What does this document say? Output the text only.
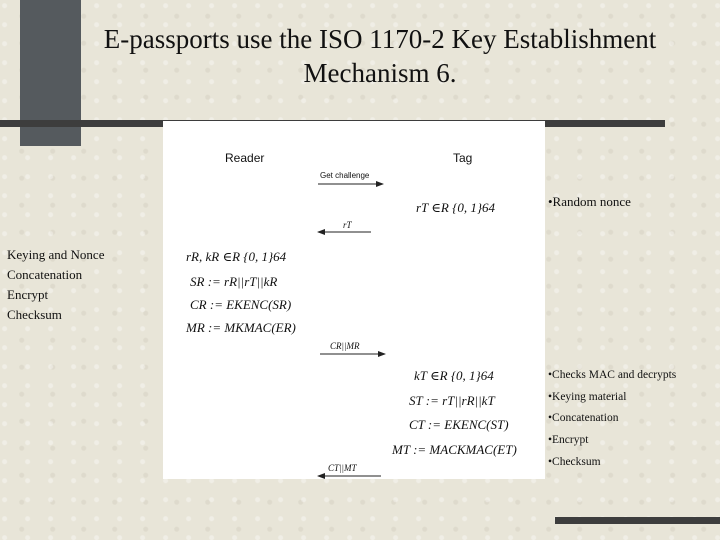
E-passports use the ISO 1170-2 Key Establishment
Mechanism 6.
Reader	Tag
Get challenge
rT ∈R {0, 1}64
rT
rR, kR ∈R {0, 1}64
SR := rR||rT||kR
CR := EKENC(SR)
MR := MKMAC(ER)
CR||MR
kT ∈R {0, 1}64
ST := rT||rR||kT
CT := EKENC(ST)
MT := MACKMAC(ET)
CT||MT
Keying and Nonce
Concatenation
Encrypt
Checksum
•Random nonce
•Checks MAC and decrypts
•Keying material
•Concatenation
•Encrypt
•Checksum
